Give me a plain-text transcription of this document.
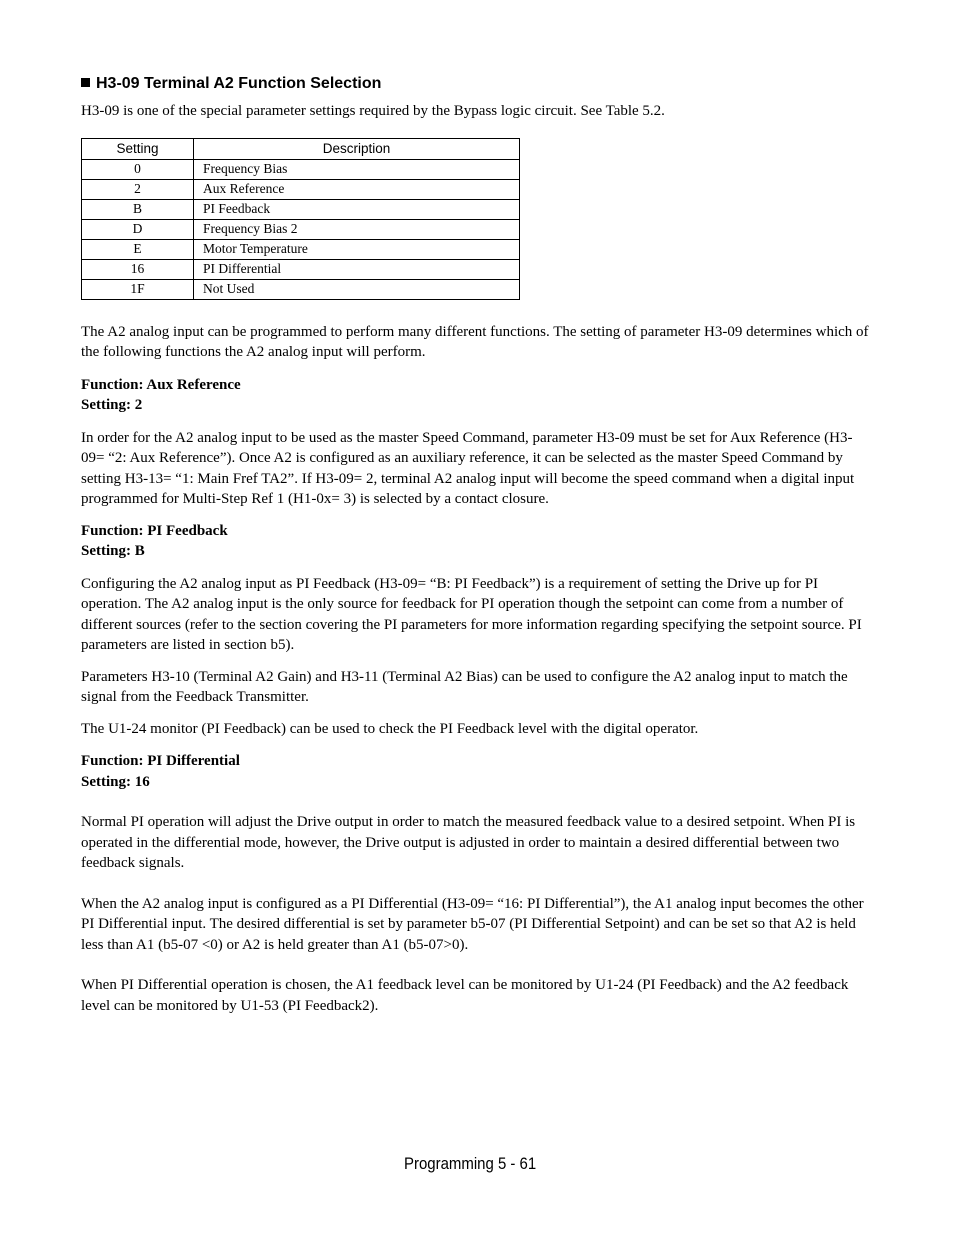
H3-09 Terminal A2 Function Selection

H3-09 is one of the special parameter settings required by the Bypass logic circuit. See Table 5.2.

Setting	Description
0	Frequency Bias
2	Aux Reference
B	PI Feedback
D	Frequency Bias 2
E	Motor Temperature
16	PI Differential
1F	Not Used

The A2 analog input can be programmed to perform many different functions. The setting of parameter H3-09 determines which of the following functions the A2 analog input will perform.

Function: Aux Reference

Setting: 2

In order for the A2 analog input to be used as the master Speed Command, parameter H3-09 must be set for Aux Reference (H3-09= “2: Aux Reference”). Once A2 is configured as an auxiliary reference, it can be selected as the master Speed Command by setting H3-13= “1: Main Fref TA2”. If H3-09= 2, terminal A2 analog input will become the speed command when a digital input programmed for Multi-Step Ref 1 (H1-0x= 3) is selected by a contact closure.

Function: PI Feedback

Setting: B

Configuring the A2 analog input as PI Feedback (H3-09= “B: PI Feedback”) is a requirement of setting the Drive up for PI operation. The A2 analog input is the only source for feedback for PI operation though the setpoint can come from a number of different sources (refer to the section covering the PI parameters for more information regarding specifying the setpoint source. PI parameters are listed in section b5).

Parameters H3-10 (Terminal A2 Gain) and H3-11 (Terminal A2 Bias) can be used to configure the A2 analog input to match the signal from the Feedback Transmitter.

The U1-24 monitor (PI Feedback) can be used to check the PI Feedback level with the digital operator.

Function: PI Differential

Setting: 16

Normal PI operation will adjust the Drive output in order to match the measured feedback value to a desired setpoint. When PI is operated in the differential mode, however, the Drive output is adjusted in order to maintain a desired differential between two feedback signals.

When the A2 analog input is configured as a PI Differential (H3-09= “16: PI Differential”), the A1 analog input becomes the other PI Differential input. The desired differential is set by parameter b5-07 (PI Differential Setpoint) and can be set so that A2 is held less than A1 (b5-07 <0) or A2 is held greater than A1 (b5-07>0).

When PI Differential operation is chosen, the A1 feedback level can be monitored by U1-24 (PI Feedback) and the A2 feedback level can be monitored by U1-53 (PI Feedback2).

Programming 5 - 61
